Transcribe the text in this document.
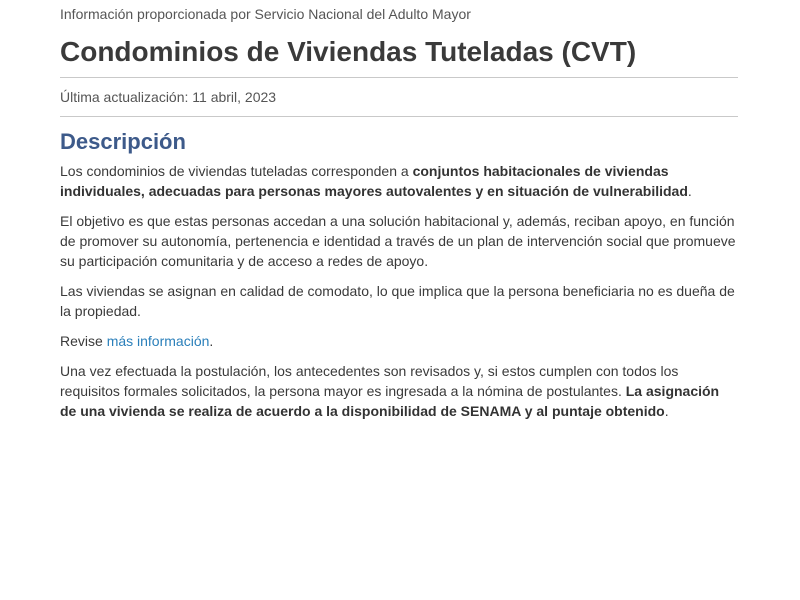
Información proporcionada por Servicio Nacional del Adulto Mayor

Condominios de Viviendas Tuteladas (CVT)

Última actualización: 11 abril, 2023

Descripción

Los condominios de viviendas tuteladas corresponden a conjuntos habitacionales de viviendas individuales, adecuadas para personas mayores autovalentes y en situación de vulnerabilidad.

El objetivo es que estas personas accedan a una solución habitacional y, además, reciban apoyo, en función de promover su autonomía, pertenencia e identidad a través de un plan de intervención social que promueve su participación comunitaria y de acceso a redes de apoyo.

Las viviendas se asignan en calidad de comodato, lo que implica que la persona beneficiaria no es dueña de la propiedad.

Revise más información.

Una vez efectuada la postulación, los antecedentes son revisados y, si estos cumplen con todos los requisitos formales solicitados, la persona mayor es ingresada a la nómina de postulantes. La asignación de una vivienda se realiza de acuerdo a la disponibilidad de SENAMA y al puntaje obtenido.
